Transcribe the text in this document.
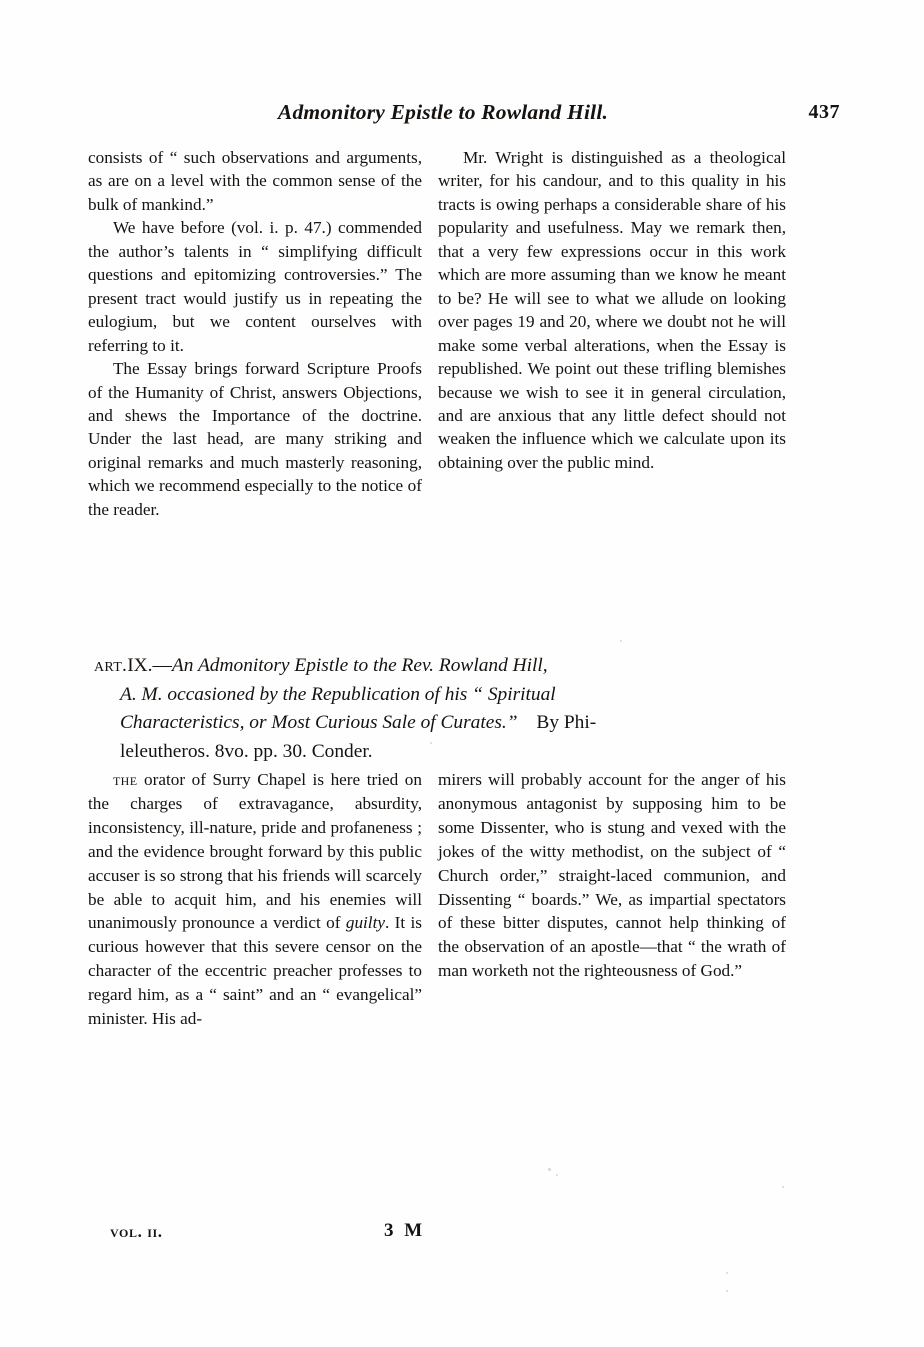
Admonitory Epistle to Rowland Hill.	437

consists of “ such observations and arguments, as are on a level with the common sense of the bulk of mankind.”

We have before (vol. i. p. 47.) commended the author’s talents in “ simplifying difficult questions and epitomizing controversies.” The present tract would justify us in repeating the eulogium, but we content ourselves with referring to it.

The Essay brings forward Scripture Proofs of the Humanity of Christ, answers Objections, and shews the Importance of the doctrine. Under the last head, are many striking and original remarks and much masterly reasoning, which we recommend especially to the notice of the reader.

Mr. Wright is distinguished as a theological writer, for his candour, and to this quality in his tracts is owing perhaps a considerable share of his popularity and usefulness. May we remark then, that a very few expressions occur in this work which are more assuming than we know he meant to be? He will see to what we allude on looking over pages 19 and 20, where we doubt not he will make some verbal alterations, when the Essay is republished. We point out these trifling blemishes because we wish to see it in general circulation, and are anxious that any little defect should not weaken the influence which we calculate upon its obtaining over the public mind.

art.IX.—An Admonitory Epistle to the Rev. Rowland Hill,
A. M. occasioned by the Republication of his “ Spiritual
Characteristics, or Most Curious Sale of Curates.” By Phi-
leleutheros. 8vo. pp. 30. Conder.

the orator of Surry Chapel is here tried on the charges of extravagance, absurdity, inconsistency, ill-nature, pride and profaneness ; and the evidence brought forward by this public accuser is so strong that his friends will scarcely be able to acquit him, and his enemies will unanimously pronounce a verdict of guilty. It is curious however that this severe censor on the character of the eccentric preacher professes to regard him, as a “ saint” and an “ evangelical” minister. His ad-

mirers will probably account for the anger of his anonymous antagonist by supposing him to be some Dissenter, who is stung and vexed with the jokes of the witty methodist, on the subject of “ Church order,” straight-laced communion, and Dissenting “ boards.” We, as impartial spectators of these bitter disputes, cannot help thinking of the observation of an apostle—that “ the wrath of man worketh not the righteousness of God.”

vol. ii.	3 M
